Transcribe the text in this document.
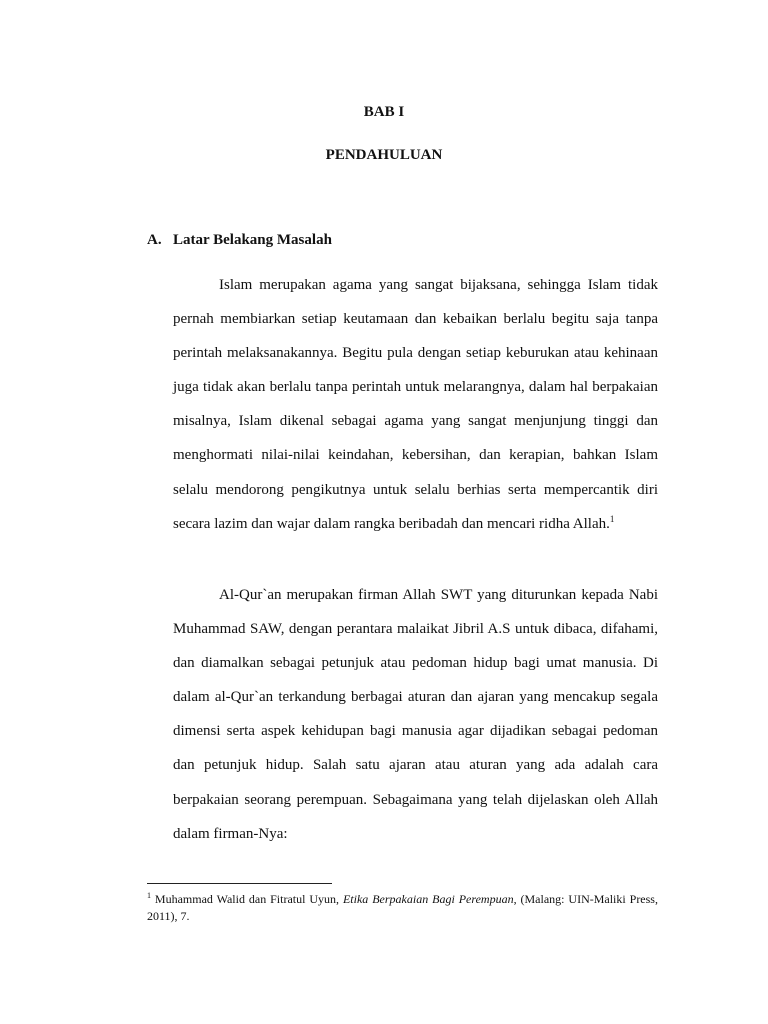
BAB I
PENDAHULUAN
A. Latar Belakang Masalah

Islam merupakan agama yang sangat bijaksana, sehingga Islam tidak pernah membiarkan setiap keutamaan dan kebaikan berlalu begitu saja tanpa perintah melaksanakannya. Begitu pula dengan setiap keburukan atau kehinaan juga tidak akan berlalu tanpa perintah untuk melarangnya, dalam hal berpakaian misalnya, Islam dikenal sebagai agama yang sangat menjunjung tinggi dan menghormati nilai-nilai keindahan, kebersihan, dan kerapian, bahkan Islam selalu mendorong pengikutnya untuk selalu berhias serta mempercantik diri secara lazim dan wajar dalam rangka beribadah dan mencari ridha Allah.$^1$

Al-Qur`an merupakan firman Allah SWT yang diturunkan kepada Nabi Muhammad SAW, dengan perantara malaikat Jibril A.S untuk dibaca, difahami, dan diamalkan sebagai petunjuk atau pedoman hidup bagi umat manusia. Di dalam al-Qur`an terkandung berbagai aturan dan ajaran yang mencakup segala dimensi serta aspek kehidupan bagi manusia agar dijadikan sebagai pedoman dan petunjuk hidup. Salah satu ajaran atau aturan yang ada adalah cara berpakaian seorang perempuan. Sebagaimana yang telah dijelaskan oleh Allah dalam firman-Nya:

$^1$ Muhammad Walid dan Fitratul Uyun, Etika Berpakaian Bagi Perempuan, (Malang: UIN-Maliki Press, 2011), 7.
